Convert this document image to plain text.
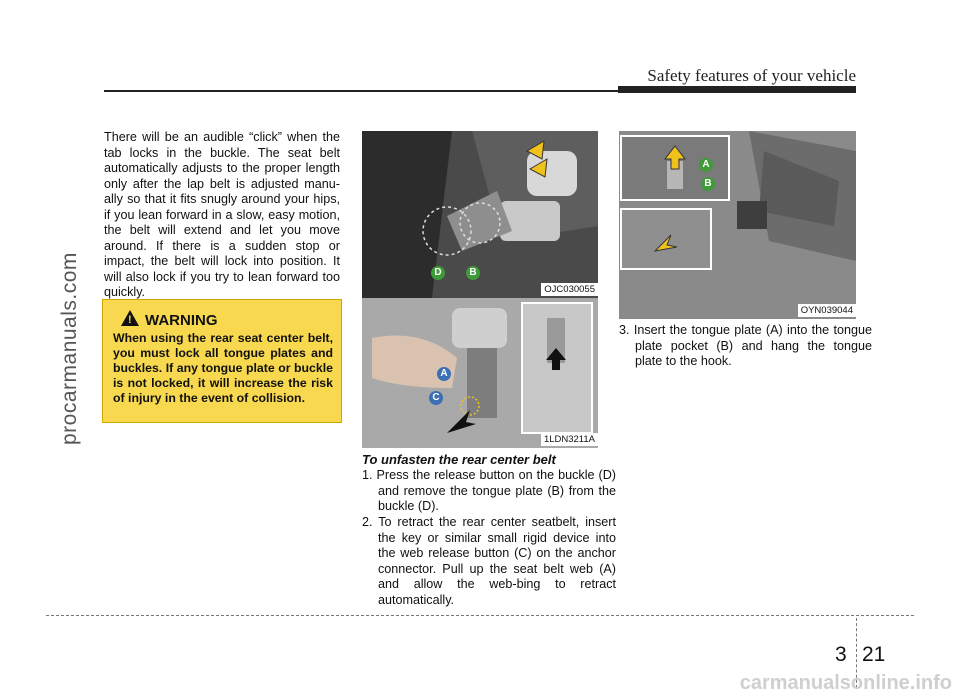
Safety features of your vehicle
procarmanuals.com
There will be an audible “click” when the tab locks in the buckle. The seat belt automatically adjusts to the proper length only after the lap belt is adjusted manu-ally so that it fits snugly around your hips, if you lean forward in a slow, easy motion, the belt will extend and let you move around. If there is a sudden stop or impact, the belt will lock into position. It will also lock if you try to lean forward too quickly.
! WARNING
When using the rear seat center belt, you must lock all tongue plates and buckles. If any tongue plate or buckle is not locked, it will increase the risk of injury in the event of collision.
D	B
OJC030055
A
C
1LDN3211A
A
B
OYN039044
To unfasten the rear center belt
1. Press the release button on the buckle (D) and remove the tongue plate (B) from the buckle (D).
2. To retract the rear center seatbelt, insert the key or similar small rigid device into the web release button (C) on the anchor connector. Pull up the seat belt web (A) and allow the web-bing to retract automatically.
3. Insert the tongue plate (A) into the tongue plate pocket (B) and hang the tongue plate to the hook.
3 21
carmanualsonline.info
